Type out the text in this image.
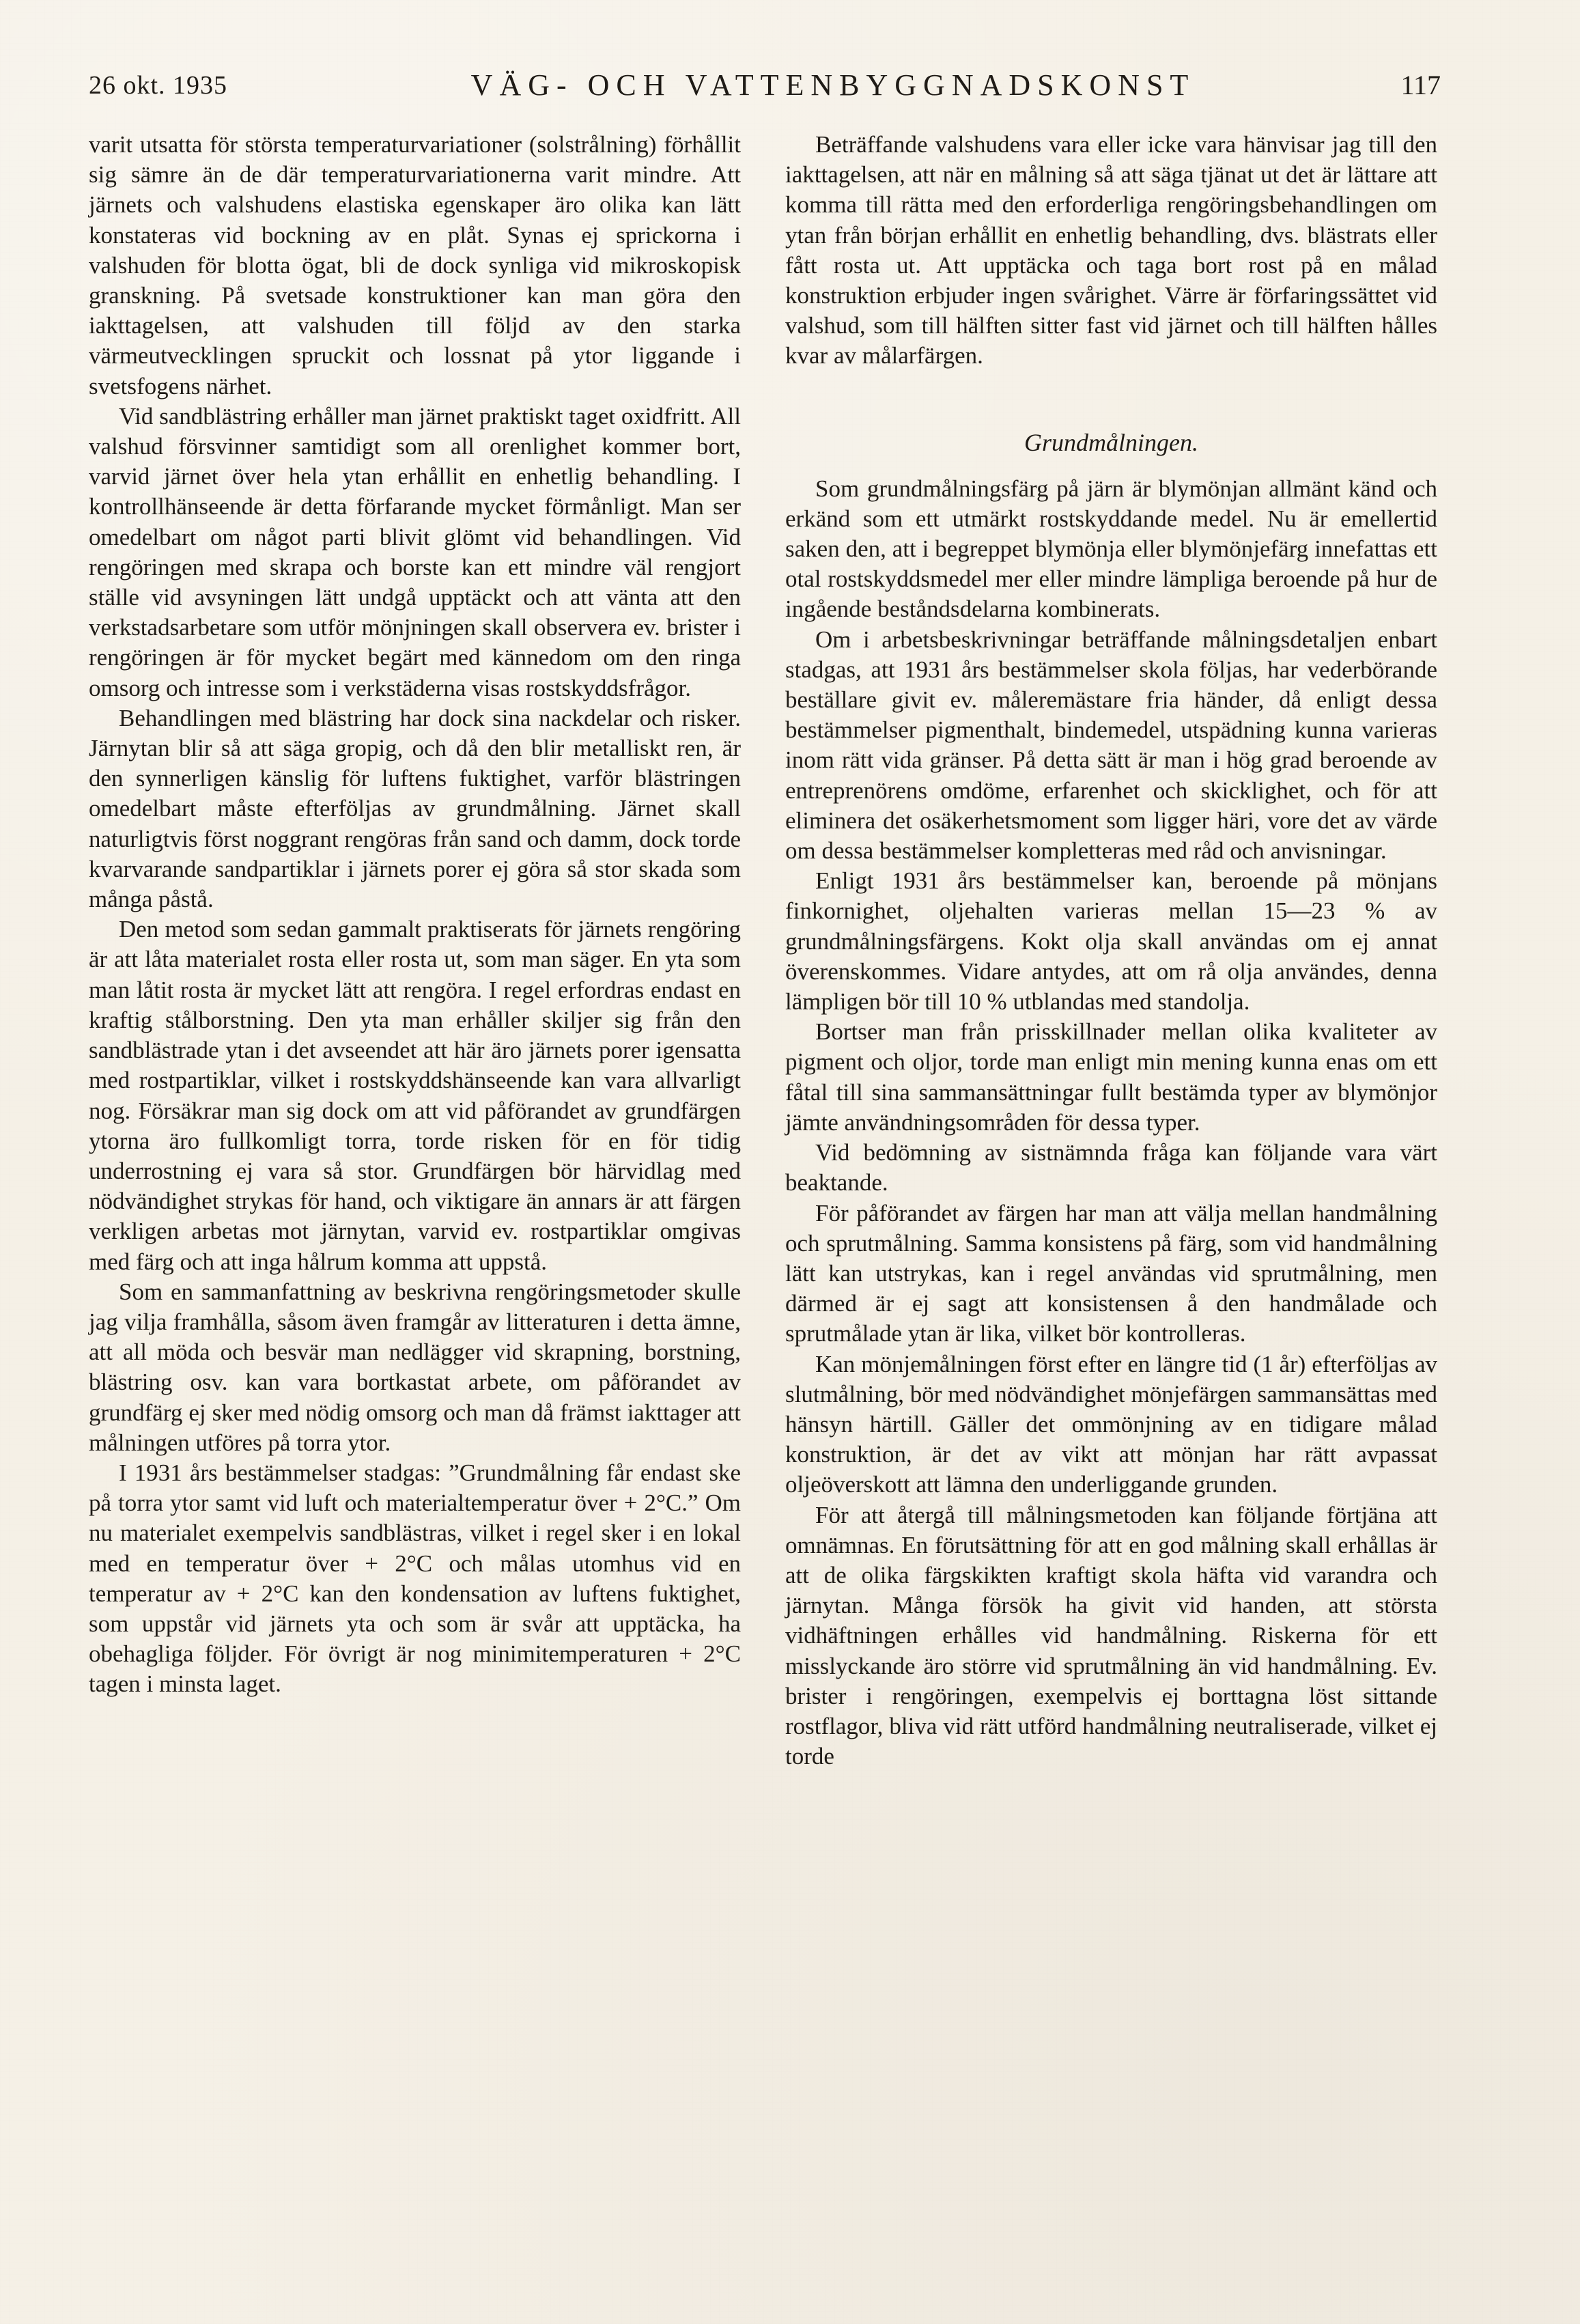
26 okt. 1935	VÄG- OCH VATTENBYGGNADSKONST	117

varit utsatta för största temperaturvariationer (solstrålning) förhållit sig sämre än de där temperaturvariationerna varit mindre. Att järnets och valshudens elastiska egenskaper äro olika kan lätt konstateras vid bockning av en plåt. Synas ej sprickorna i valshuden för blotta ögat, bli de dock synliga vid mikroskopisk granskning. På svetsade konstruktioner kan man göra den iakttagelsen, att valshuden till följd av den starka värmeutvecklingen spruckit och lossnat på ytor liggande i svetsfogens närhet.

Vid sandblästring erhåller man järnet praktiskt taget oxidfritt. All valshud försvinner samtidigt som all orenlighet kommer bort, varvid järnet över hela ytan erhållit en enhetlig behandling. I kontrollhänseende är detta förfarande mycket förmånligt. Man ser omedelbart om något parti blivit glömt vid behandlingen. Vid rengöringen med skrapa och borste kan ett mindre väl rengjort ställe vid avsyningen lätt undgå upptäckt och att vänta att den verkstadsarbetare som utför mönjningen skall observera ev. brister i rengöringen är för mycket begärt med kännedom om den ringa omsorg och intresse som i verkstäderna visas rostskyddsfrågor.

Behandlingen med blästring har dock sina nackdelar och risker. Järnytan blir så att säga gropig, och då den blir metalliskt ren, är den synnerligen känslig för luftens fuktighet, varför blästringen omedelbart måste efterföljas av grundmålning. Järnet skall naturligtvis först noggrant rengöras från sand och damm, dock torde kvarvarande sandpartiklar i järnets porer ej göra så stor skada som många påstå.

Den metod som sedan gammalt praktiserats för järnets rengöring är att låta materialet rosta eller rosta ut, som man säger. En yta som man låtit rosta är mycket lätt att rengöra. I regel erfordras endast en kraftig stålborstning. Den yta man erhåller skiljer sig från den sandblästrade ytan i det avseendet att här äro järnets porer igensatta med rostpartiklar, vilket i rostskyddshänseende kan vara allvarligt nog. Försäkrar man sig dock om att vid påförandet av grundfärgen ytorna äro fullkomligt torra, torde risken för en för tidig underrostning ej vara så stor. Grundfärgen bör härvidlag med nödvändighet strykas för hand, och viktigare än annars är att färgen verkligen arbetas mot järnytan, varvid ev. rostpartiklar omgivas med färg och att inga hålrum komma att uppstå.

Som en sammanfattning av beskrivna rengöringsmetoder skulle jag vilja framhålla, såsom även framgår av litteraturen i detta ämne, att all möda och besvär man nedlägger vid skrapning, borstning, blästring osv. kan vara bortkastat arbete, om påförandet av grundfärg ej sker med nödig omsorg och man då främst iakttager att målningen utföres på torra ytor.

I 1931 års bestämmelser stadgas: ”Grundmålning får endast ske på torra ytor samt vid luft och materialtemperatur över + 2°C.” Om nu materialet exempelvis sandblästras, vilket i regel sker i en lokal med en temperatur över + 2°C och målas utomhus vid en temperatur av + 2°C kan den kondensation av luftens fuktighet, som uppstår vid järnets yta och som är svår att upptäcka, ha obehagliga följder. För övrigt är nog minimitemperaturen + 2°C tagen i minsta laget.

Beträffande valshudens vara eller icke vara hänvisar jag till den iakttagelsen, att när en målning så att säga tjänat ut det är lättare att komma till rätta med den erforderliga rengöringsbehandlingen om ytan från början erhållit en enhetlig behandling, dvs. blästrats eller fått rosta ut. Att upptäcka och taga bort rost på en målad konstruktion erbjuder ingen svårighet. Värre är förfaringssättet vid valshud, som till hälften sitter fast vid järnet och till hälften hålles kvar av målarfärgen.

Grundmålningen.

Som grundmålningsfärg på järn är blymönjan allmänt känd och erkänd som ett utmärkt rostskyddande medel. Nu är emellertid saken den, att i begreppet blymönja eller blymönjefärg innefattas ett otal rostskyddsmedel mer eller mindre lämpliga beroende på hur de ingående beståndsdelarna kombinerats.

Om i arbetsbeskrivningar beträffande målningsdetaljen enbart stadgas, att 1931 års bestämmelser skola följas, har vederbörande beställare givit ev. måleremästare fria händer, då enligt dessa bestämmelser pigmenthalt, bindemedel, utspädning kunna varieras inom rätt vida gränser. På detta sätt är man i hög grad beroende av entreprenörens omdöme, erfarenhet och skicklighet, och för att eliminera det osäkerhetsmoment som ligger häri, vore det av värde om dessa bestämmelser kompletteras med råd och anvisningar.

Enligt 1931 års bestämmelser kan, beroende på mönjans finkornighet, oljehalten varieras mellan 15—23 % av grundmålningsfärgens. Kokt olja skall användas om ej annat överenskommes. Vidare antydes, att om rå olja användes, denna lämpligen bör till 10 % utblandas med standolja.

Bortser man från prisskillnader mellan olika kvaliteter av pigment och oljor, torde man enligt min mening kunna enas om ett fåtal till sina sammansättningar fullt bestämda typer av blymönjor jämte användningsområden för dessa typer.

Vid bedömning av sistnämnda fråga kan följande vara värt beaktande.

För påförandet av färgen har man att välja mellan handmålning och sprutmålning. Samma konsistens på färg, som vid handmålning lätt kan utstrykas, kan i regel användas vid sprutmålning, men därmed är ej sagt att konsistensen å den handmålade och sprutmålade ytan är lika, vilket bör kontrolleras.

Kan mönjemålningen först efter en längre tid (1 år) efterföljas av slutmålning, bör med nödvändighet mönjefärgen sammansättas med hänsyn härtill. Gäller det ommönjning av en tidigare målad konstruktion, är det av vikt att mönjan har rätt avpassat oljeöverskott att lämna den underliggande grunden.

För att återgå till målningsmetoden kan följande förtjäna att omnämnas. En förutsättning för att en god målning skall erhållas är att de olika färgskikten kraftigt skola häfta vid varandra och järnytan. Många försök ha givit vid handen, att största vidhäftningen erhålles vid handmålning. Riskerna för ett misslyckande äro större vid sprutmålning än vid handmålning. Ev. brister i rengöringen, exempelvis ej borttagna löst sittande rostflagor, bliva vid rätt utförd handmålning neutraliserade, vilket ej torde
